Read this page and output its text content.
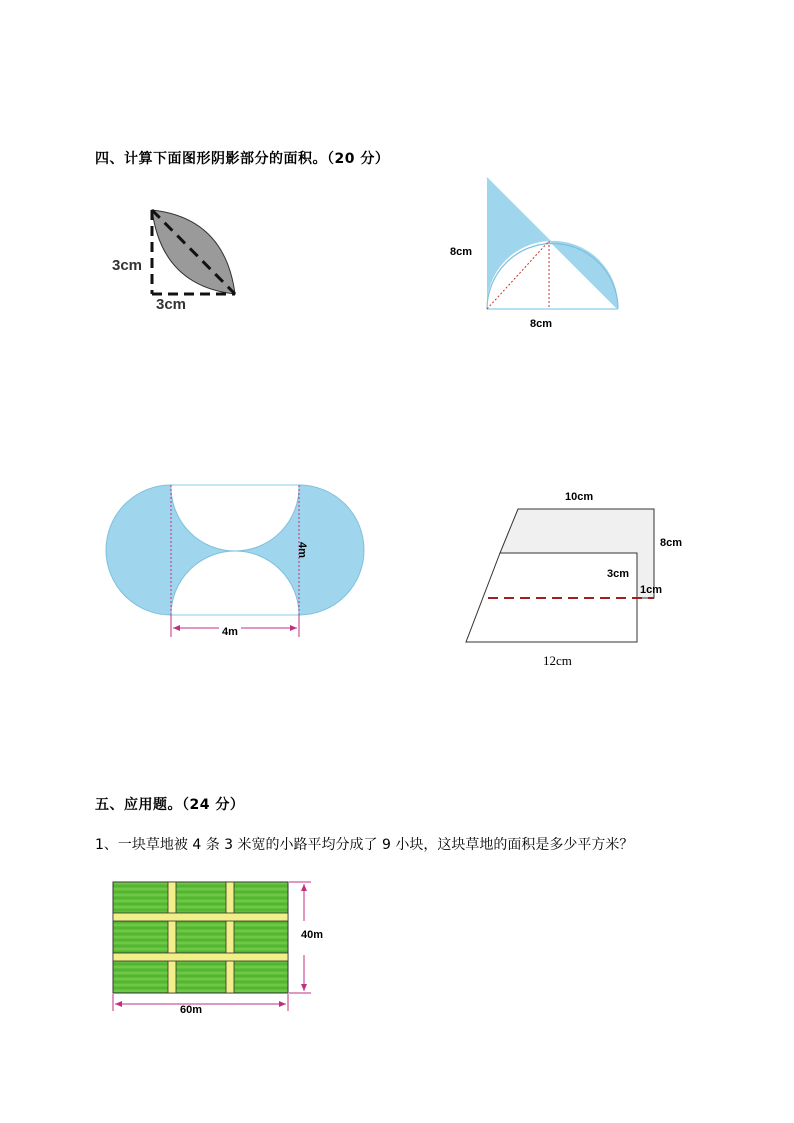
四、计算下面图形阴影部分的面积。（20 分）
3cm
3cm
8cm
8cm
4m
4m
10cm
8cm
3cm
1cm
12cm
五、应用题。（24 分）
1、一块草地被 4 条 3 米宽的小路平均分成了 9 小块，这块草地的面积是多少平方米？
40m
60m
